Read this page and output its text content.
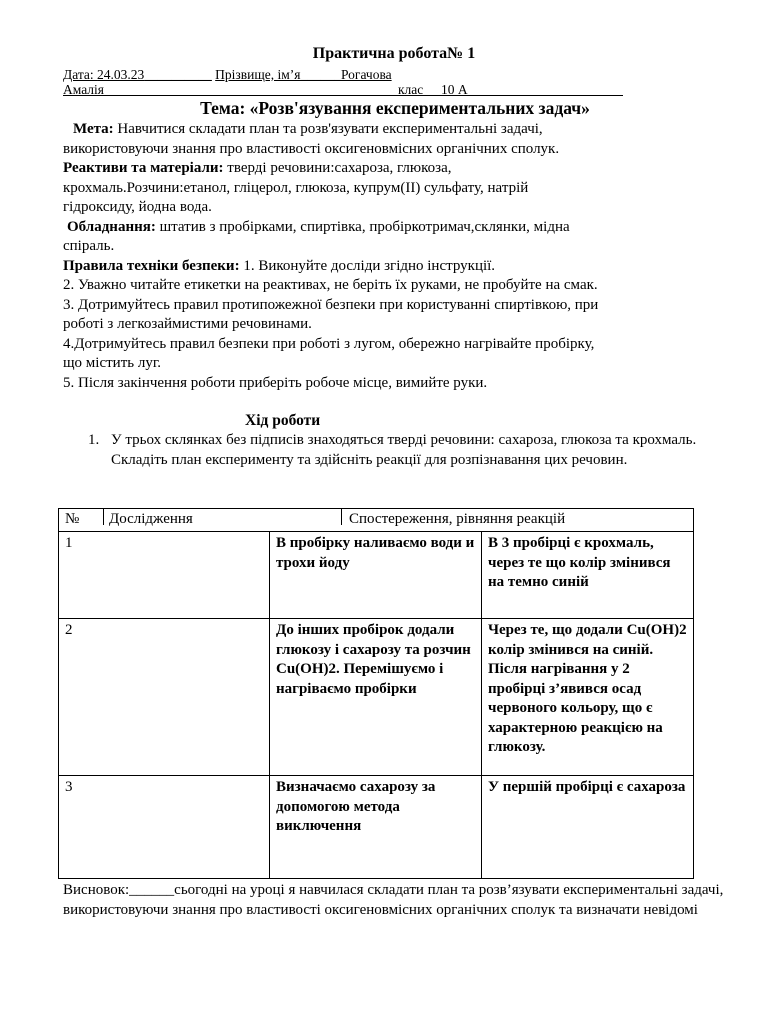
Практична робота№ 1
Дата: 24.03.23__________ Прізвище, ім’я______Рогачова
Амалія	клас 10 А
Тема: «Розв'язування експериментальних задач»
Мета: Навчитися складати план та розв'язувати експериментальні задачі,
використовуючи знання про властивості оксигеновмісних органічних сполук.
Реактиви та матеріали: тверді речовини:сахароза, глюкоза,
крохмаль.Розчини:етанол, гліцерол, глюкоза, купрум(II) сульфату, натрій
гідроксиду, йодна вода.
Обладнання: штатив з пробірками, спиртівка, пробіркотримач,склянки, мідна
спіраль.
Правила техніки безпеки: 1. Виконуйте досліди згідно інструкції.
2. Уважно читайте етикетки на реактивах, не беріть їх руками, не пробуйте на смак.
3. Дотримуйтесь правил протипожежної безпеки при користуванні спиртівкою, при
роботі з легкозаймистими речовинами.
4.Дотримуйтесь правил безпеки при роботі з лугом, обережно нагрівайте пробірку,
що містить луг.
5. Після закінчення роботи приберіть робоче місце, вимийте руки.
Хід роботи
1. У трьох склянках без підписів знаходяться тверді речовини: сахароза, глюкоза та крохмаль. Складіть план експерименту та здійсніть реакції для розпізнавання цих речовин.
№ Дослідження Спостереження, рівняння реакцій		

1	В пробірку наливаємо води и трохи йоду	В 3 пробірці є крохмаль, через те що колір змінився на темно синій

2	До інших пробірок додали глюкозу і сахарозу та розчин Cu(OH)2. Перемішуємо і нагріваємо пробірки	Через те, що додали Cu(OH)2 колір змінився на синій. Після нагрівання у 2 пробірці з’явився осад червоного кольору, що є характерною реакцією на глюкозу.

3	Визначаємо сахарозу за допомогою метода виключення	У першій пробірці є сахароза
Висновок:______сьогодні на уроці я навчилася складати план та розв’язувати експериментальні задачі, використовуючи знання про властивості оксигеновмісних органічних сполук та визначати невідомі
